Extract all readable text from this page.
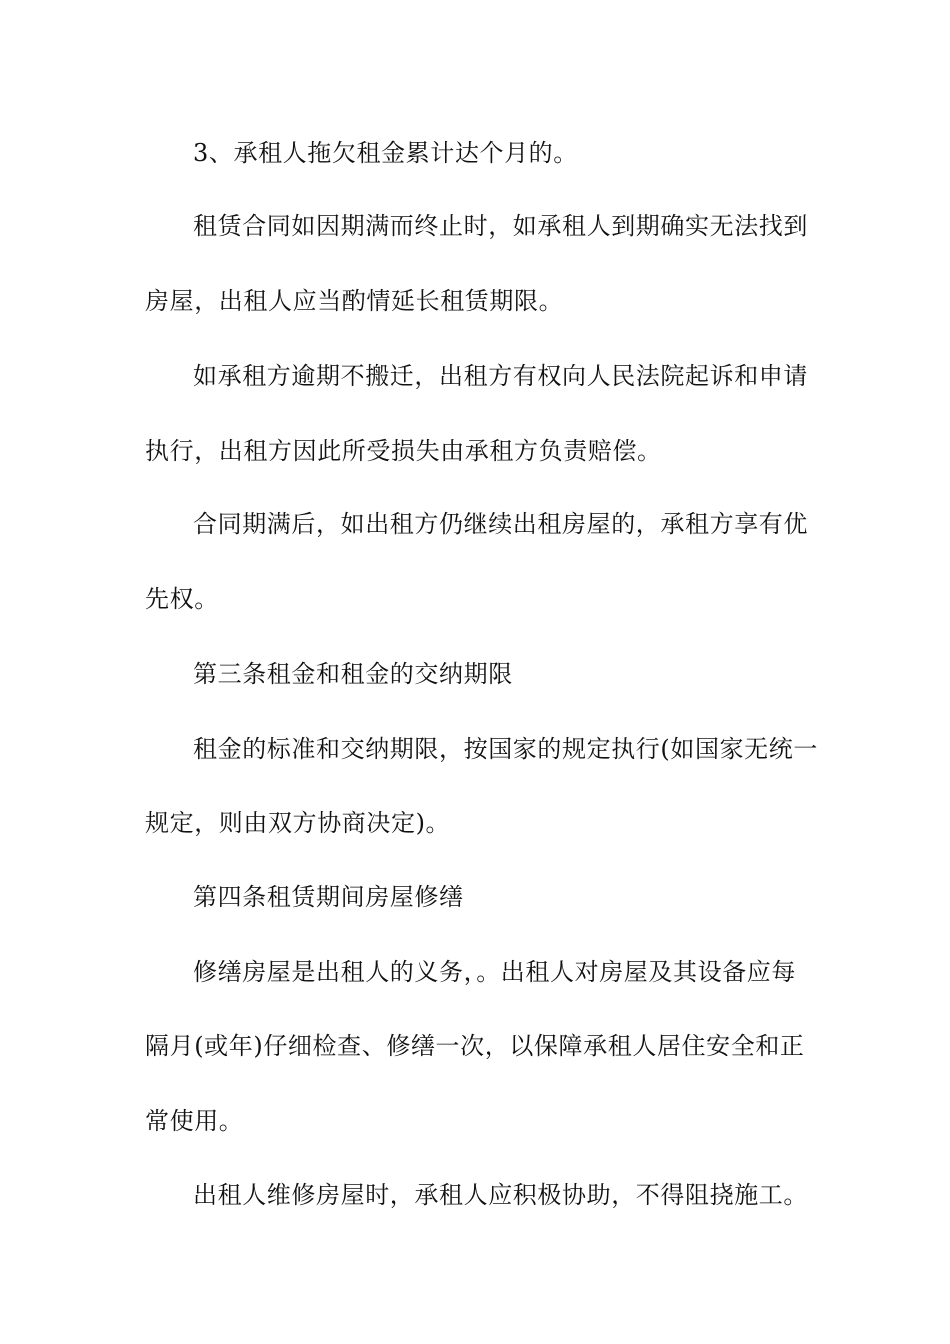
3、承租人拖欠租金累计达个月的。
租赁合同如因期满而终止时，如承租人到期确实无法找到
房屋，出租人应当酌情延长租赁期限。
如承租方逾期不搬迁，出租方有权向人民法院起诉和申请
执行，出租方因此所受损失由承租方负责赔偿。
合同期满后，如出租方仍继续出租房屋的，承租方享有优
先权。
第三条租金和租金的交纳期限
租金的标准和交纳期限，按国家的规定执行(如国家无统一
规定，则由双方协商决定)。
第四条租赁期间房屋修缮
修缮房屋是出租人的义务，。出租人对房屋及其设备应每
隔月(或年)仔细检查、修缮一次，以保障承租人居住安全和正
常使用。
出租人维修房屋时，承租人应积极协助，不得阻挠施工。
